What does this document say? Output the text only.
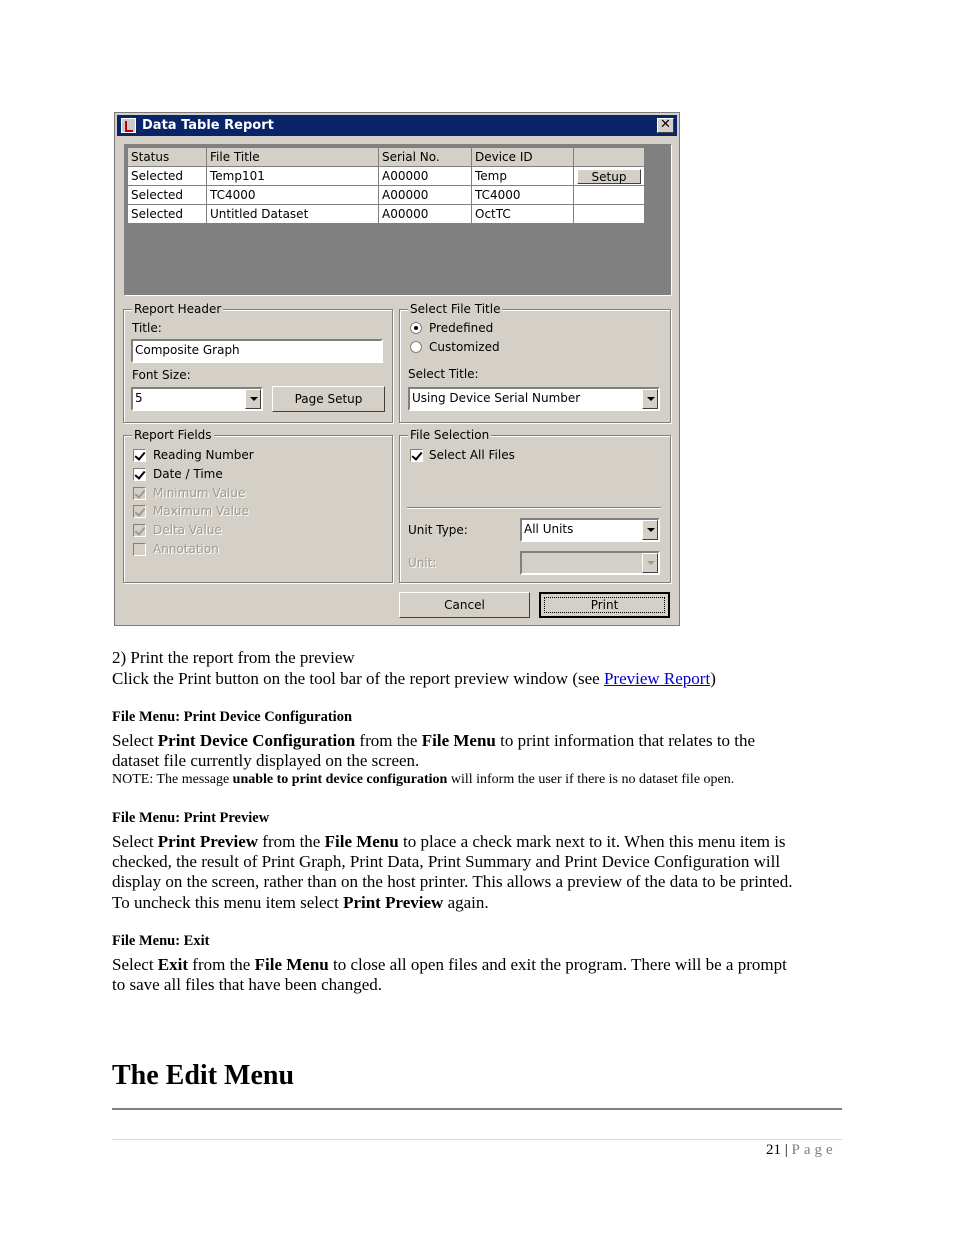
Data Table Report	✕
Status	File Title	Serial No.	Device ID	
Selected	Temp101	A00000	Temp	Setup

Selected	TC4000	A00000	TC4000	
Selected	Untitled Dataset	A00000	OctTC	
Report Header
Title:
Composite Graph
Font Size:
5	Page Setup
Select File Title
Predefined
Customized
Select Title:
Using Device Serial Number
Report Fields
Reading Number
Date / Time
Minimum Value
Maximum Value
Delta Value
Annotation
File Selection
Select All Files
Unit Type:	All Units
Unit:
Cancel	Print
2) Print the report from the preview
Click the Print button on the tool bar of the report preview window (see Preview Report)
File Menu: Print Device Configuration
Select Print Device Configuration from the File Menu to print information that relates to the
dataset file currently displayed on the screen.
NOTE: The message unable to print device configuration will inform the user if there is no dataset file open.
File Menu: Print Preview
Select Print Preview from the File Menu to place a check mark next to it. When this menu item is
checked, the result of Print Graph, Print Data, Print Summary and Print Device Configuration will
display on the screen, rather than on the host printer. This allows a preview of the data to be printed.
To uncheck this menu item select Print Preview again.
File Menu: Exit
Select Exit from the File Menu to close all open files and exit the program. There will be a prompt
to save all files that have been changed.
The Edit Menu
21 | Page
